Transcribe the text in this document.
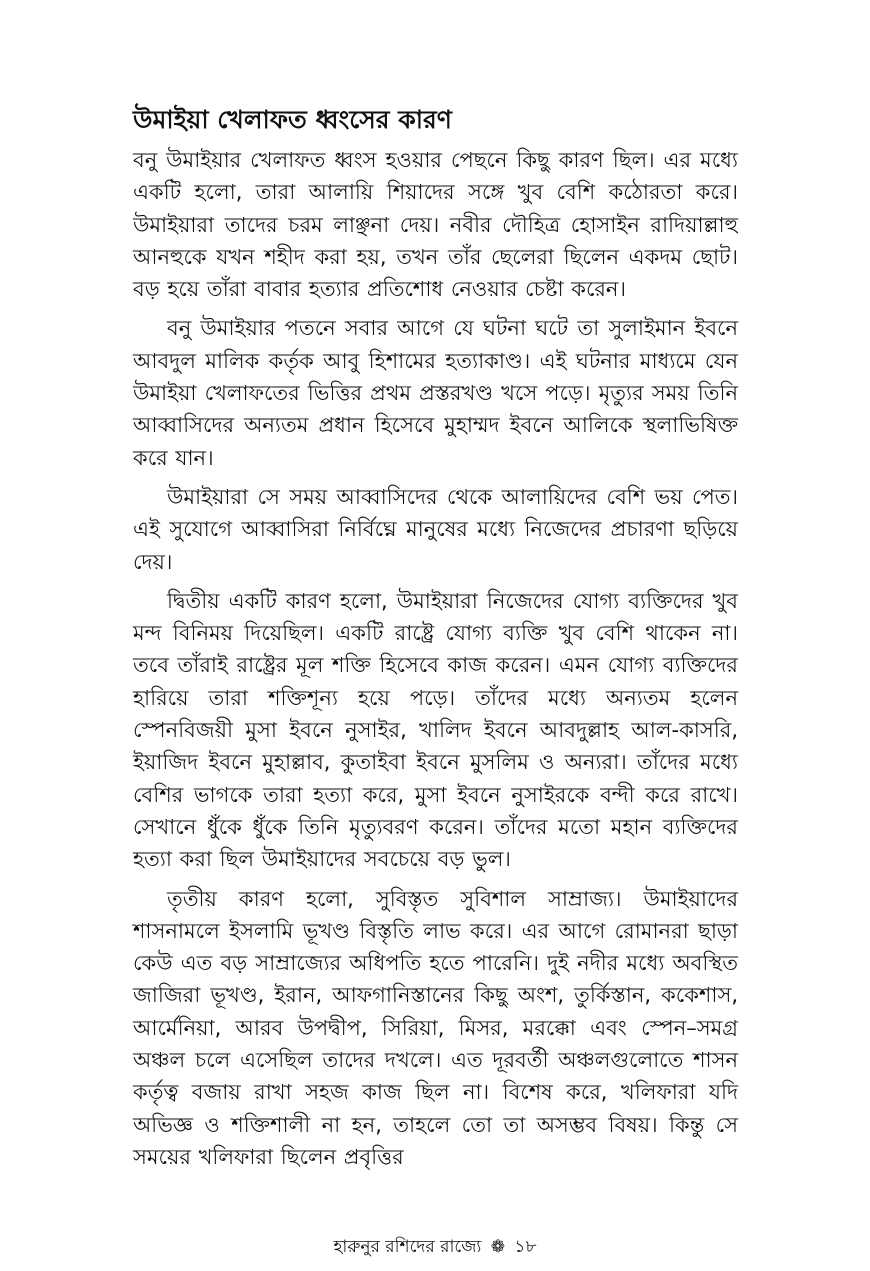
উমাইয়া খেলাফত ধ্বংসের কারণ

বনু উমাইয়ার খেলাফত ধ্বংস হওয়ার পেছনে কিছু কারণ ছিল। এর মধ্যে একটি হলো, তারা আলায়ি শিয়াদের সঙ্গে খুব বেশি কঠোরতা করে। উমাইয়ারা তাদের চরম লাঞ্ছনা দেয়। নবীর দৌহিত্র হোসাইন রাদিয়াল্লাহু আনহুকে যখন শহীদ করা হয়, তখন তাঁর ছেলেরা ছিলেন একদম ছোট। বড় হয়ে তাঁরা বাবার হত্যার প্রতিশোধ নেওয়ার চেষ্টা করেন।

বনু উমাইয়ার পতনে সবার আগে যে ঘটনা ঘটে তা সুলাইমান ইবনে আবদুল মালিক কর্তৃক আবু হিশামের হত্যাকাণ্ড। এই ঘটনার মাধ্যমে যেন উমাইয়া খেলাফতের ভিত্তির প্রথম প্রস্তরখণ্ড খসে পড়ে। মৃত্যুর সময় তিনি আব্বাসিদের অন্যতম প্রধান হিসেবে মুহাম্মদ ইবনে আলিকে স্থলাভিষিক্ত করে যান।

উমাইয়ারা সে সময় আব্বাসিদের থেকে আলায়িদের বেশি ভয় পেত। এই সুযোগে আব্বাসিরা নির্বিঘ্নে মানুষের মধ্যে নিজেদের প্রচারণা ছড়িয়ে দেয়।

দ্বিতীয় একটি কারণ হলো, উমাইয়ারা নিজেদের যোগ্য ব্যক্তিদের খুব মন্দ বিনিময় দিয়েছিল। একটি রাষ্ট্রে যোগ্য ব্যক্তি খুব বেশি থাকেন না। তবে তাঁরাই রাষ্ট্রের মূল শক্তি হিসেবে কাজ করেন। এমন যোগ্য ব্যক্তিদের হারিয়ে তারা শক্তিশূন্য হয়ে পড়ে। তাঁদের মধ্যে অন্যতম হলেন স্পেনবিজয়ী মুসা ইবনে নুসাইর, খালিদ ইবনে আবদুল্লাহ আল-কাসরি, ইয়াজিদ ইবনে মুহাল্লাব, কুতাইবা ইবনে মুসলিম ও অন্যরা। তাঁদের মধ্যে বেশির ভাগকে তারা হত্যা করে, মুসা ইবনে নুসাইরকে বন্দী করে রাখে। সেখানে ধুঁকে ধুঁকে তিনি মৃত্যুবরণ করেন। তাঁদের মতো মহান ব্যক্তিদের হত্যা করা ছিল উমাইয়াদের সবচেয়ে বড় ভুল।

তৃতীয় কারণ হলো, সুবিস্তৃত সুবিশাল সাম্রাজ্য। উমাইয়াদের শাসনামলে ইসলামি ভূখণ্ড বিস্তৃতি লাভ করে। এর আগে রোমানরা ছাড়া কেউ এত বড় সাম্রাজ্যের অধিপতি হতে পারেনি। দুই নদীর মধ্যে অবস্থিত জাজিরা ভূখণ্ড, ইরান, আফগানিস্তানের কিছু অংশ, তুর্কিস্তান, ককেশাস, আর্মেনিয়া, আরব উপদ্বীপ, সিরিয়া, মিসর, মরক্কো এবং স্পেন–সমগ্র অঞ্চল চলে এসেছিল তাদের দখলে। এত দূরবর্তী অঞ্চলগুলোতে শাসন কর্তৃত্ব বজায় রাখা সহজ কাজ ছিল না। বিশেষ করে, খলিফারা যদি অভিজ্ঞ ও শক্তিশালী না হন, তাহলে তো তা অসম্ভব বিষয়। কিন্তু সে সময়ের খলিফারা ছিলেন প্রবৃত্তির

হারুনুর রশিদের রাজ্যে ❁ ১৮
